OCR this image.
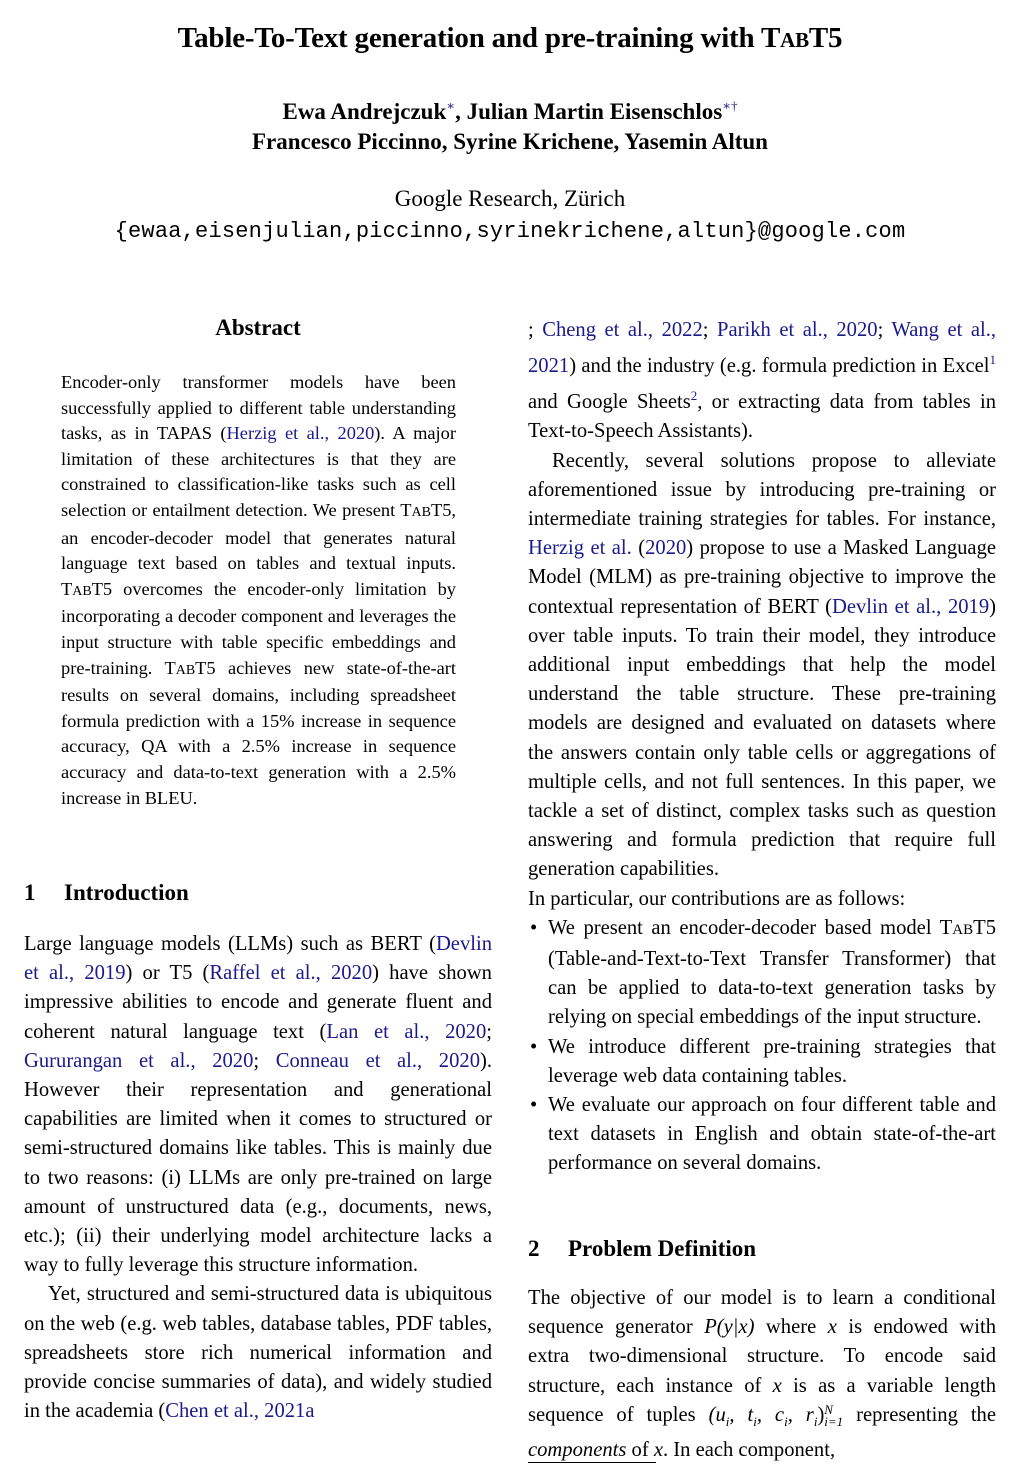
Table-To-Text generation and pre-training with TABT5
Ewa Andrejczuk∗, Julian Martin Eisenschlos∗†
Francesco Piccinno, Syrine Krichene, Yasemin Altun
Google Research, Zürich
{ewaa,eisenjulian,piccinno,syrinekrichene,altun}@google.com
Abstract
Encoder-only transformer models have been successfully applied to different table understanding tasks, as in TAPAS (Herzig et al., 2020). A major limitation of these architectures is that they are constrained to classification-like tasks such as cell selection or entailment detection. We present TABT5, an encoder-decoder model that generates natural language text based on tables and textual inputs. TABT5 overcomes the encoder-only limitation by incorporating a decoder component and leverages the input structure with table specific embeddings and pre-training. TABT5 achieves new state-of-the-art results on several domains, including spreadsheet formula prediction with a 15% increase in sequence accuracy, QA with a 2.5% increase in sequence accuracy and data-to-text generation with a 2.5% increase in BLEU.
1 Introduction

Large language models (LLMs) such as BERT (Devlin et al., 2019) or T5 (Raffel et al., 2020) have shown impressive abilities to encode and generate fluent and coherent natural language text (Lan et al., 2020; Gururangan et al., 2020; Conneau et al., 2020). However their representation and generational capabilities are limited when it comes to structured or semi-structured domains like tables. This is mainly due to two reasons: (i) LLMs are only pre-trained on large amount of unstructured data (e.g., documents, news, etc.); (ii) their underlying model architecture lacks a way to fully leverage this structure information.

Yet, structured and semi-structured data is ubiquitous on the web (e.g. web tables, database tables, PDF tables, spreadsheets store rich numerical information and provide concise summaries of data), and widely studied in the academia (Chen et al., 2021a

; Cheng et al., 2022; Parikh et al., 2020; Wang et al., 2021) and the industry (e.g. formula prediction in Excel$^1$ and Google Sheets$^2$, or extracting data from tables in Text-to-Speech Assistants).

Recently, several solutions propose to alleviate aforementioned issue by introducing pre-training or intermediate training strategies for tables. For instance, Herzig et al. (2020) propose to use a Masked Language Model (MLM) as pre-training objective to improve the contextual representation of BERT (Devlin et al., 2019) over table inputs. To train their model, they introduce additional input embeddings that help the model understand the table structure. These pre-training models are designed and evaluated on datasets where the answers contain only table cells or aggregations of multiple cells, and not full sentences. In this paper, we tackle a set of distinct, complex tasks such as question answering and formula prediction that require full generation capabilities.

In particular, our contributions are as follows:

• We present an encoder-decoder based model TABT5 (Table-and-Text-to-Text Transfer Transformer) that can be applied to data-to-text generation tasks by relying on special embeddings of the input structure.
• We introduce different pre-training strategies that leverage web data containing tables.
• We evaluate our approach on four different table and text datasets in English and obtain state-of-the-art performance on several domains.
2 Problem Definition

The objective of our model is to learn a conditional sequence generator P(y|x) where x is endowed with extra two-dimensional structure. To encode said structure, each instance of x is as a variable length sequence of tuples ($u_i$, $t_i$, $c_i$, $r_i$) N
i=1 representing the components of x. In each component,
